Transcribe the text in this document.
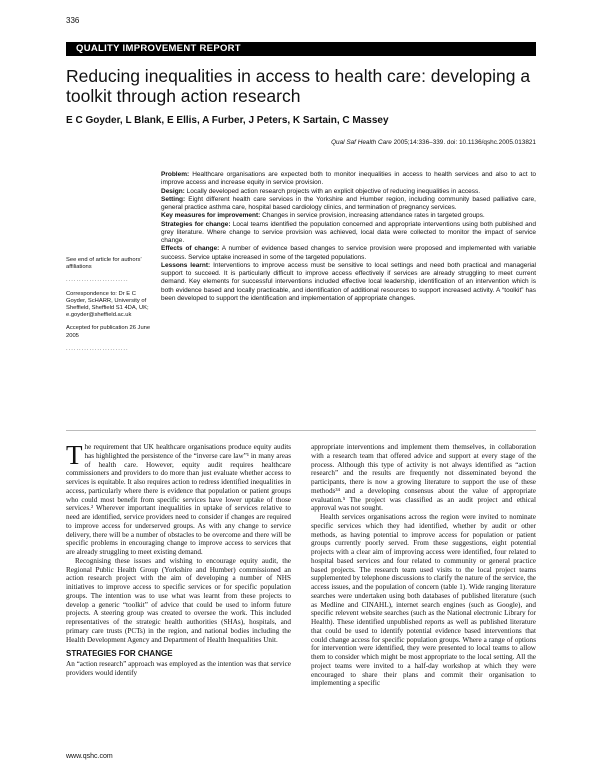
336
QUALITY IMPROVEMENT REPORT
Reducing inequalities in access to health care: developing a toolkit through action research
E C Goyder, L Blank, E Ellis, A Furber, J Peters, K Sartain, C Massey
Qual Saf Health Care 2005;14:336–339. doi: 10.1136/qshc.2005.013821

Problem: Healthcare organisations are expected both to monitor inequalities in access to health services and also to act to improve access and increase equity in service provision.

Design: Locally developed action research projects with an explicit objective of reducing inequalities in access.

Setting: Eight different health care services in the Yorkshire and Humber region, including community based palliative care, general practice asthma care, hospital based cardiology clinics, and termination of pregnancy services.

Key measures for improvement: Changes in service provision, increasing attendance rates in targeted groups.

Strategies for change: Local teams identified the population concerned and appropriate interventions using both published and grey literature. Where change to service provision was achieved, local data were collected to monitor the impact of service change.

Effects of change: A number of evidence based changes to service provision were proposed and implemented with variable success. Service uptake increased in some of the targeted populations.

Lessons learnt: Interventions to improve access must be sensitive to local settings and need both practical and managerial support to succeed. It is particularly difficult to improve access effectively if services are already struggling to meet current demand. Key elements for successful interventions included effective local leadership, identification of an intervention which is both evidence based and locally practicable, and identification of additional resources to support increased activity. A “toolkit” has been developed to support the identification and implementation of appropriate changes.

See end of article for authors’ affiliations

........................

Correspondence to: Dr E C Goyder, ScHARR, University of Sheffield, Sheffield S1 4DA, UK; e.goyder@sheffield.ac.uk

Accepted for publication 26 June 2005

........................

The requirement that UK healthcare organisations produce equity audits has highlighted the persistence of the “inverse care law”¹ in many areas of health care. However, equity audit requires healthcare commissioners and providers to do more than just evaluate whether access to services is equitable. It also requires action to redress identified inequalities in access, particularly where there is evidence that population or patient groups who could most benefit from specific services have lower uptake of those services.² Wherever important inequalities in uptake of services relative to need are identified, service providers need to consider if changes are required to improve access for underserved groups. As with any change to service delivery, there will be a number of obstacles to be overcome and there will be specific problems in encouraging change to improve access to services that are already struggling to meet existing demand.

Recognising these issues and wishing to encourage equity audit, the Regional Public Health Group (Yorkshire and Humber) commissioned an action research project with the aim of developing a number of NHS initiatives to improve access to specific services or for specific population groups. The intention was to use what was learnt from these projects to develop a generic “toolkit” of advice that could be used to inform future projects. A steering group was created to oversee the work. This included representatives of the strategic health authorities (SHAs), hospitals, and primary care trusts (PCTs) in the region, and national bodies including the Health Development Agency and Department of Health Inequalities Unit.

STRATEGIES FOR CHANGE

An “action research” approach was employed as the intention was that service providers would identify

appropriate interventions and implement them themselves, in collaboration with a research team that offered advice and support at every stage of the process. Although this type of activity is not always identified as “action research” and the results are frequently not disseminated beyond the participants, there is now a growing literature to support the use of these methods³⁴ and a developing consensus about the value of appropriate evaluation.⁵ The project was classified as an audit project and ethical approval was not sought.

Health services organisations across the region were invited to nominate specific services which they had identified, whether by audit or other methods, as having potential to improve access for population or patient groups currently poorly served. From these suggestions, eight potential projects with a clear aim of improving access were identified, four related to hospital based services and four related to community or general practice based projects. The research team used visits to the local project teams supplemented by telephone discussions to clarify the nature of the service, the access issues, and the population of concern (table 1). Wide ranging literature searches were undertaken using both databases of published literature (such as Medline and CINAHL), internet search engines (such as Google), and specific relevent website searches (such as the National electronic Library for Health). These identified unpublished reports as well as published literature that could be used to identify potential evidence based interventions that could change access for specific population groups. Where a range of options for intervention were identified, they were presented to local teams to allow them to consider which might be most appropriate to the local setting. All the project teams were invited to a half-day workshop at which they were encouraged to share their plans and commit their organisation to implementing a specific

www.qshc.com
